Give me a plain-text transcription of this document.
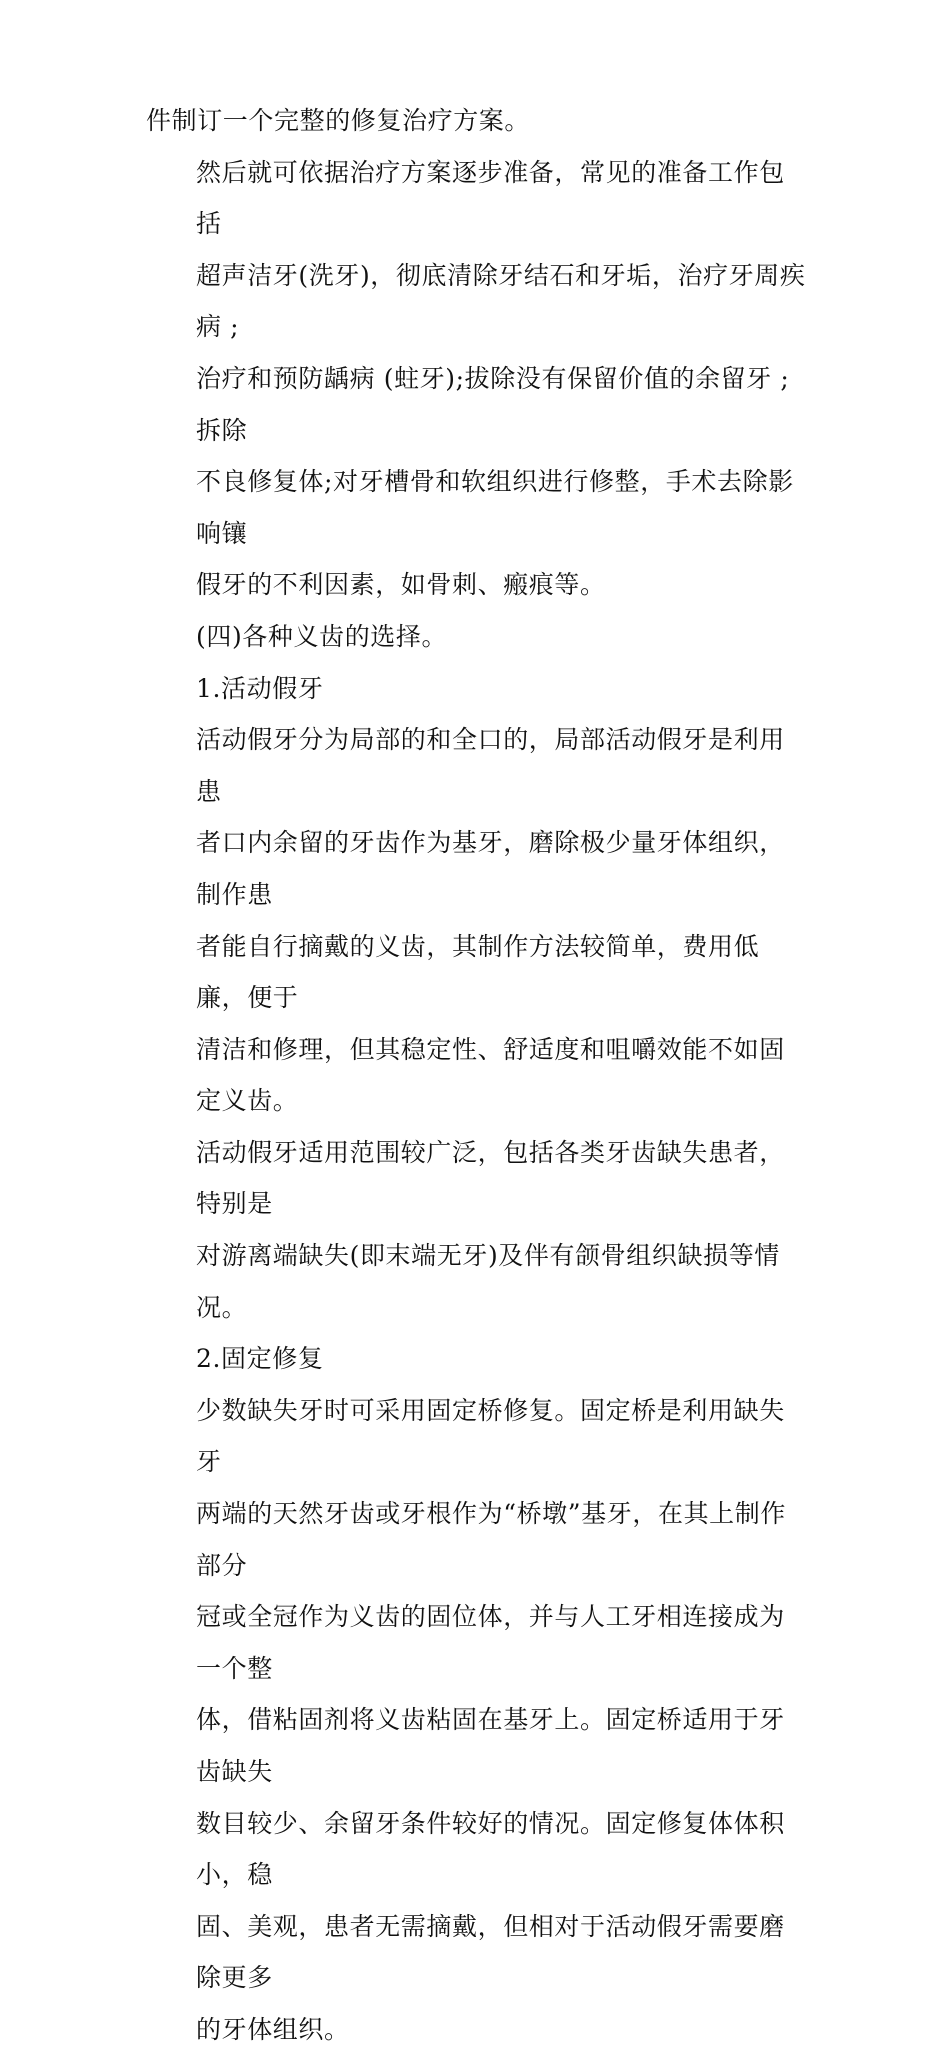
件制订一个完整的修复治疗方案。

然后就可依据治疗方案逐步准备，常见的准备工作包括
超声洁牙(洗牙)，彻底清除牙结石和牙垢，治疗牙周疾病 ;
治疗和预防龋病 (蛀牙);拔除没有保留价值的余留牙 ;拆除
不良修复体;对牙槽骨和软组织进行修整，手术去除影响镶
假牙的不利因素，如骨刺、瘢痕等。

(四)各种义齿的选择。

1.活动假牙

活动假牙分为局部的和全口的，局部活动假牙是利用患
者口内余留的牙齿作为基牙，磨除极少量牙体组织，制作患
者能自行摘戴的义齿，其制作方法较简单，费用低廉，便于
清洁和修理，但其稳定性、舒适度和咀嚼效能不如固定义齿。
活动假牙适用范围较广泛，包括各类牙齿缺失患者，特别是
对游离端缺失(即末端无牙)及伴有颌骨组织缺损等情况。

2.固定修复

少数缺失牙时可采用固定桥修复。固定桥是利用缺失牙
两端的天然牙齿或牙根作为“桥墩”基牙，在其上制作部分
冠或全冠作为义齿的固位体，并与人工牙相连接成为一个整
体，借粘固剂将义齿粘固在基牙上。固定桥适用于牙齿缺失
数目较少、余留牙条件较好的情况。固定修复体体积小，稳
固、美观，患者无需摘戴，但相对于活动假牙需要磨除更多
的牙体组织。
